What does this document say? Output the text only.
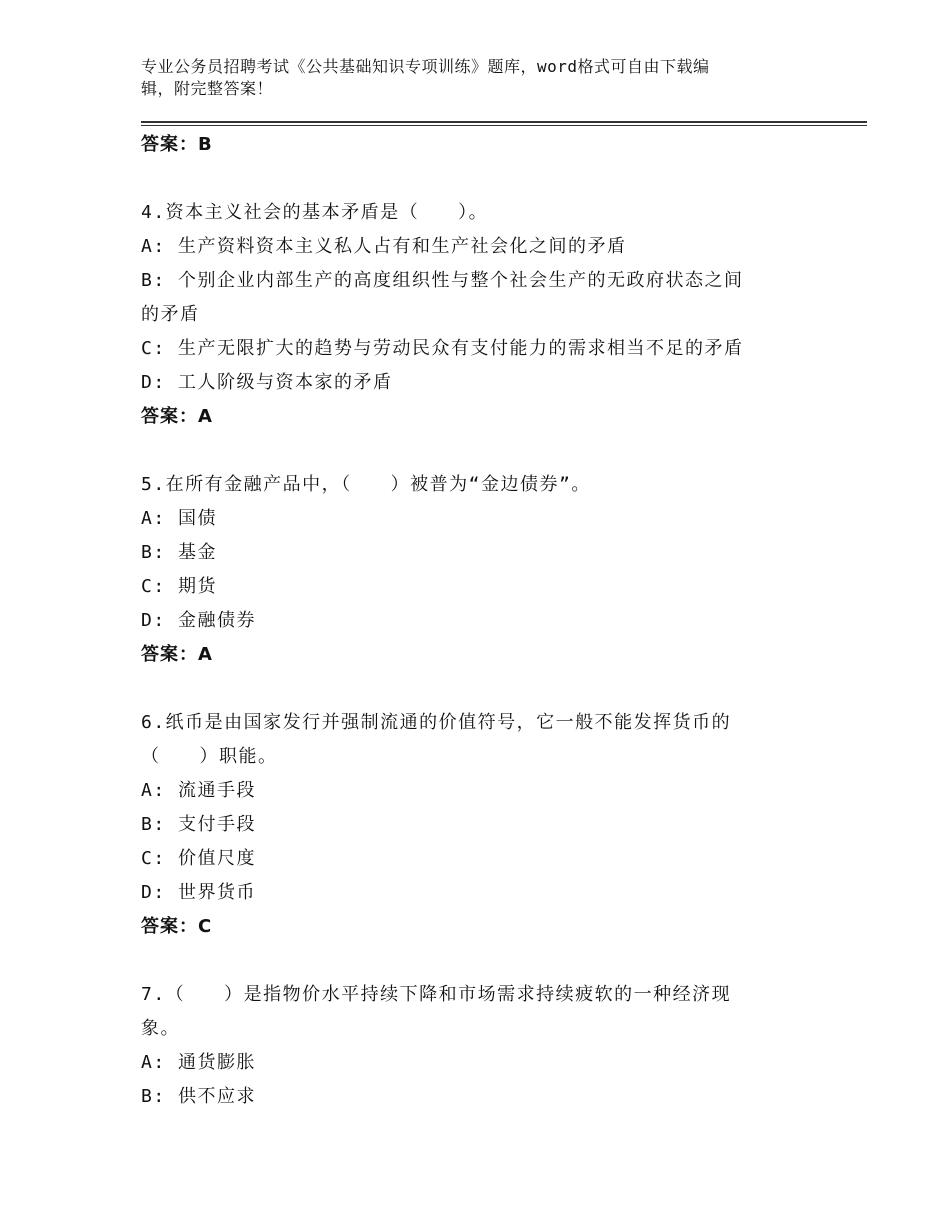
专业公务员招聘考试《公共基础知识专项训练》题库，word格式可自由下载编
辑，附完整答案！
答案：B
4.资本主义社会的基本矛盾是（　　）。
A: 生产资料资本主义私人占有和生产社会化之间的矛盾
B: 个别企业内部生产的高度组织性与整个社会生产的无政府状态之间
的矛盾
C: 生产无限扩大的趋势与劳动民众有支付能力的需求相当不足的矛盾
D: 工人阶级与资本家的矛盾
答案：A
5.在所有金融产品中，（　　）被普为“金边债券”。
A: 国债
B: 基金
C: 期货
D: 金融债券
答案：A
6.纸币是由国家发行并强制流通的价值符号，它一般不能发挥货币的
（　　）职能。
A: 流通手段
B: 支付手段
C: 价值尺度
D: 世界货币
答案：C
7.（　　）是指物价水平持续下降和市场需求持续疲软的一种经济现
象。
A: 通货膨胀
B: 供不应求
